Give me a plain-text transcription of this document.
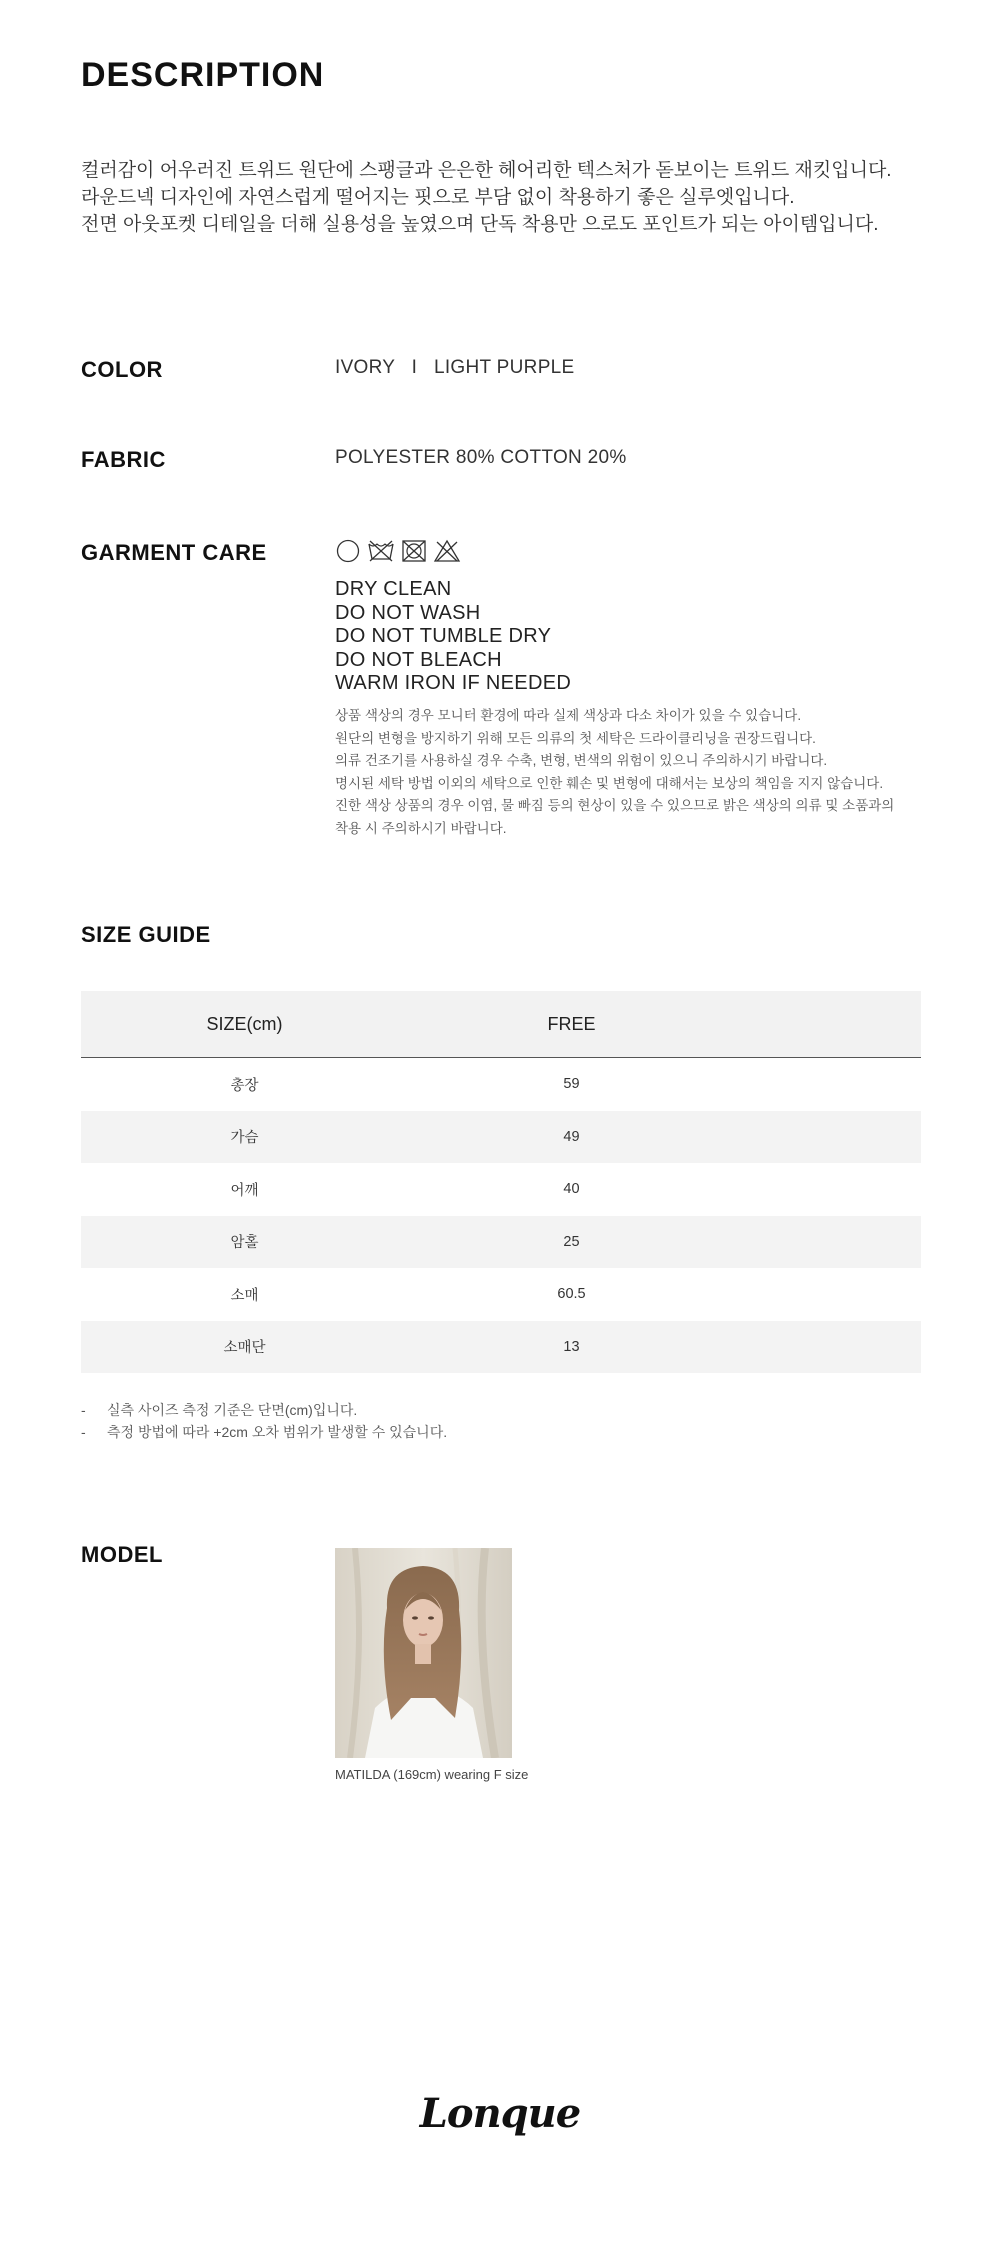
DESCRIPTION
컬러감이 어우러진 트위드 원단에 스팽글과 은은한 헤어리한 텍스처가 돋보이는 트위드 재킷입니다.
라운드넥 디자인에 자연스럽게 떨어지는 핏으로 부담 없이 착용하기 좋은 실루엣입니다.
전면 아웃포켓 디테일을 더해 실용성을 높였으며 단독 착용만 으로도 포인트가 되는 아이템입니다.
COLOR	IVORY   I   LIGHT PURPLE
FABRIC	POLYESTER 80% COTTON 20%
GARMENT CARE
DRY CLEAN
DO NOT WASH
DO NOT TUMBLE DRY
DO NOT BLEACH
WARM IRON IF NEEDED
상품 색상의 경우 모니터 환경에 따라 실제 색상과 다소 차이가 있을 수 있습니다.
원단의 변형을 방지하기 위해 모든 의류의 첫 세탁은 드라이클리닝을 권장드립니다.
의류 건조기를 사용하실 경우 수축, 변형, 변색의 위험이 있으니 주의하시기 바랍니다.
명시된 세탁 방법 이외의 세탁으로 인한 훼손 및 변형에 대해서는 보상의 책임을 지지 않습니다.
진한 색상 상품의 경우 이염, 물 빠짐 등의 현상이 있을 수 있으므로 밝은 색상의 의류 및 소품과의
착용 시 주의하시기 바랍니다.
SIZE GUIDE
SIZE(cm)	FREE	
총장	59	
가슴	49	
어깨	40	
암홀	25	
소매	60.5	
소매단	13	
-	실측 사이즈 측정 기준은 단면(cm)입니다.
-	측정 방법에 따라 +2cm 오차 범위가 발생할 수 있습니다.
MODEL
MATILDA (169cm) wearing F size
Lonque
